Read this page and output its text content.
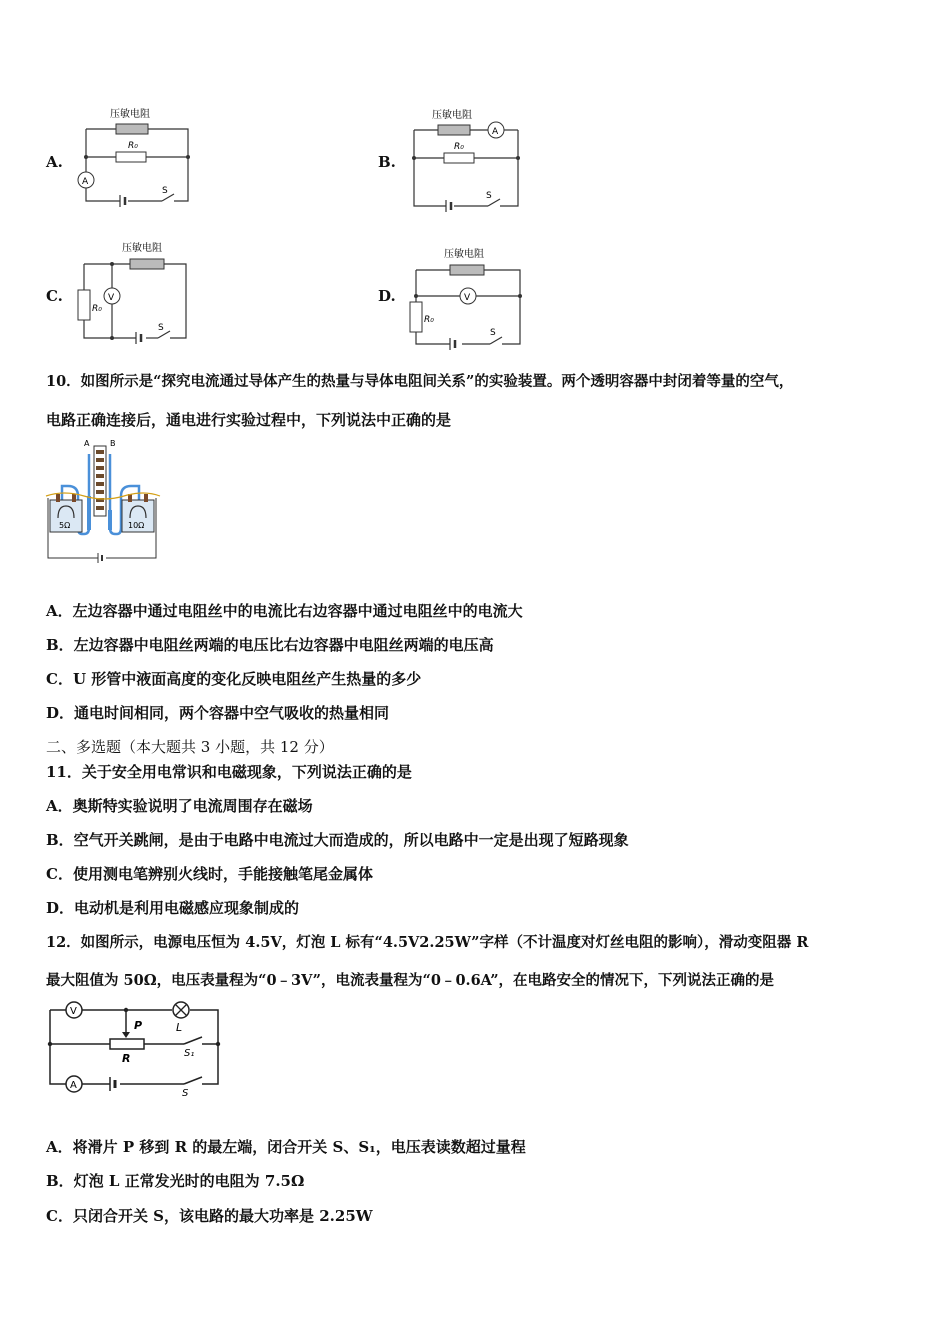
A.
压敏电阻
R₀
A
S
B.
压敏电阻
R₀
A
S
C.
压敏电阻
R₀
V
S
D.
压敏电阻
R₀
V
S
10．如图所示是“探究电流通过导体产生的热量与导体电阻间关系”的实验装置。两个透明容器中封闭着等量的空气，
电路正确连接后，通电进行实验过程中，下列说法中正确的是
A	B
5Ω	10Ω
A．左边容器中通过电阻丝中的电流比右边容器中通过电阻丝中的电流大
B．左边容器中电阻丝两端的电压比右边容器中电阻丝两端的电压高
C．U 形管中液面高度的变化反映电阻丝产生热量的多少
D．通电时间相同，两个容器中空气吸收的热量相同
二、多选题（本大题共 3 小题，共 12 分）
11．关于安全用电常识和电磁现象，下列说法正确的是
A．奥斯特实验说明了电流周围存在磁场
B．空气开关跳闸，是由于电路中电流过大而造成的，所以电路中一定是出现了短路现象
C．使用测电笔辨别火线时，手能接触笔尾金属体
D．电动机是利用电磁感应现象制成的
12．如图所示，电源电压恒为 4.5V，灯泡 L 标有“4.5V2.25W”字样（不计温度对灯丝电阻的影响），滑动变阻器 R
最大阻值为 50Ω，电压表量程为“0﹣3V”，电流表量程为“0﹣0.6A”，在电路安全的情况下，下列说法正确的是
V
A
L
P
R	S₁
S
A．将滑片 P 移到 R 的最左端，闭合开关 S、S₁，电压表读数超过量程
B．灯泡 L 正常发光时的电阻为 7.5Ω
C．只闭合开关 S，该电路的最大功率是 2.25W
